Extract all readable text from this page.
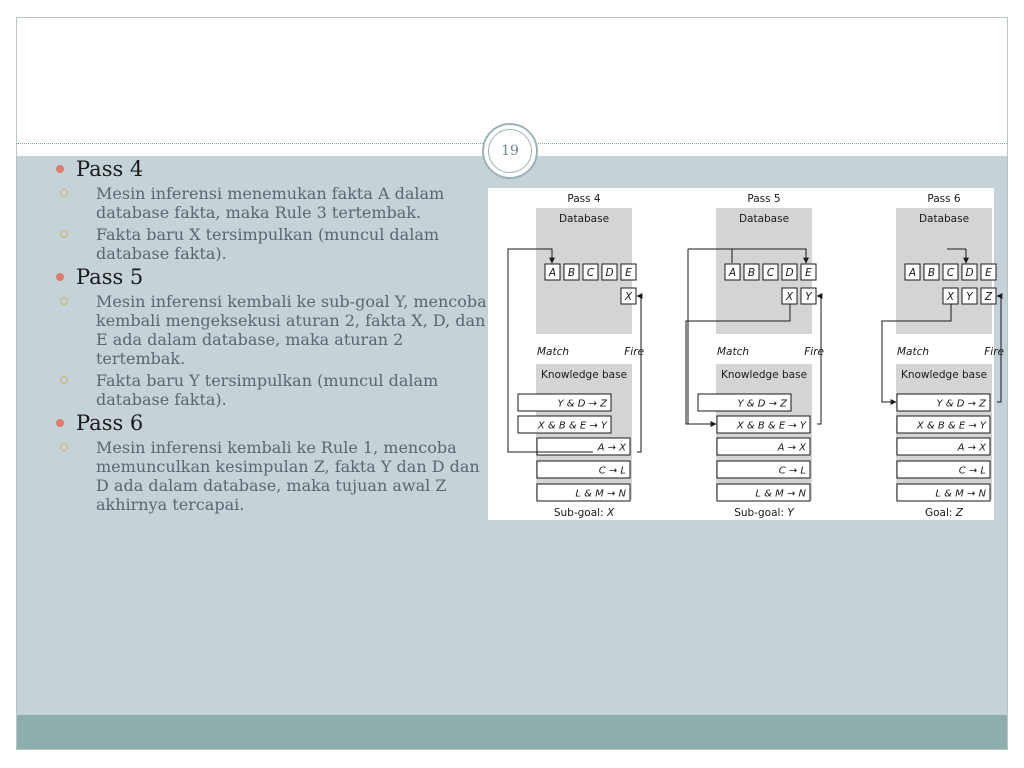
19
Pass 4
Mesin inferensi menemukan fakta A dalam database fakta, maka Rule 3 tertembak.
Fakta baru X tersimpulkan (muncul dalam database fakta).
Pass 5
Mesin inferensi kembali ke sub-goal Y, mencoba kembali mengeksekusi aturan 2, fakta X, D, dan E ada dalam database, maka aturan 2 tertembak.
Fakta baru Y tersimpulkan (muncul dalam database fakta).
Pass 6
Mesin inferensi kembali ke Rule 1, mencoba memunculkan kesimpulan Z, fakta Y dan D dan D ada dalam database, maka tujuan awal Z akhirnya tercapai.
Pass 4
Database
A B C D E
X
Match	Fire
Knowledge base
Y & D → Z
X & B & E → Y
A → X
C → L
L & M → N
Sub-goal: X
Pass 5
Database
A B C D E
X Y
Match	Fire
Knowledge base
Y & D → Z
X & B & E → Y
A → X
C → L
L & M → N
Sub-goal: Y
Pass 6
Database
A B C D E
X Y Z
Match	Fire
Knowledge base
Y & D → Z
X & B & E → Y
A → X
C → L
L & M → N
Goal: Z
